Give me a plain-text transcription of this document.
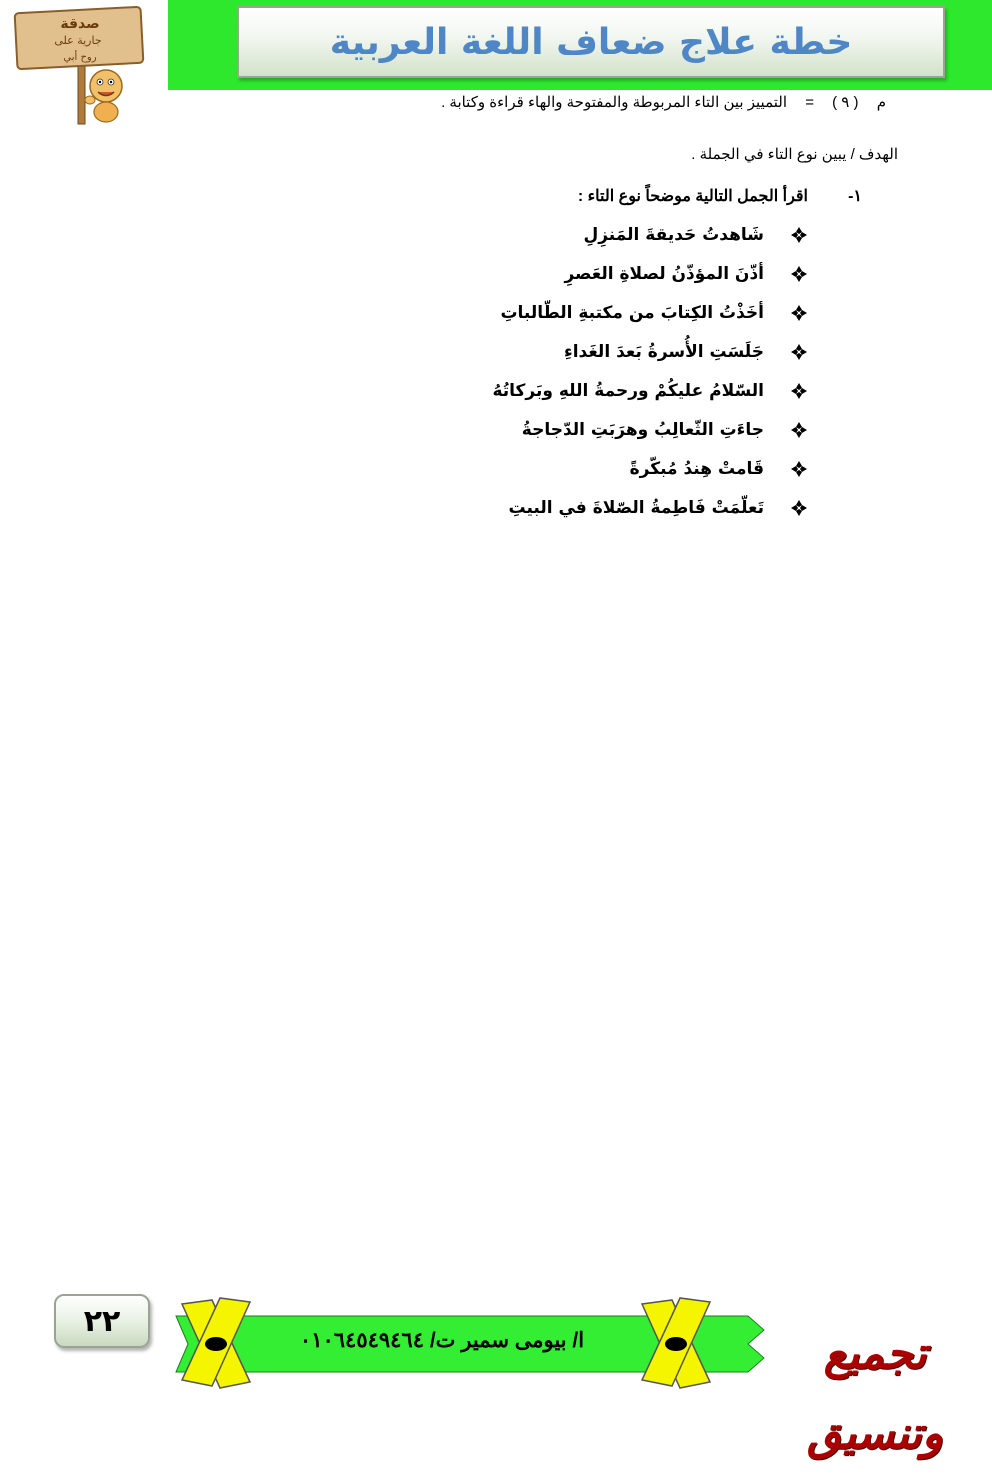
خطة علاج ضعاف اللغة العربية
صدقة
جارية على
روح أبي
م ( ٩ ) = التمييز بين التاء المربوطة والمفتوحة والهاء قراءة وكتابة .
الهدف / يبين نوع التاء في الجملة .
١-
اقرأ الجمل التالية موضحاً نوع التاء :
شَاهدتُ حَديقةَ المَنزِلِ
أذّنَ المؤذّنُ لصلاةِ العَصرِ
أخَذْتُ الكِتابَ من مكتبةِ الطّالباتِ
جَلَسَتِ الأُسرةُ بَعدَ الغَداءِ
السّلامُ عليكُمْ ورحمةُ اللهِ وبَركاتُهُ
جاءَتِ الثّعالِبُ وهرَبَتِ الدّجاجةُ
قَامتْ هِندُ مُبكّرةً
تَعلّمَتْ فَاطِمةُ الصّلاةَ في البيتِ
٢٢
ا/ بيومى سمير ت/ ٠١٠٦٤٥٤٩٤٦٤	تجميع وتنسيق
